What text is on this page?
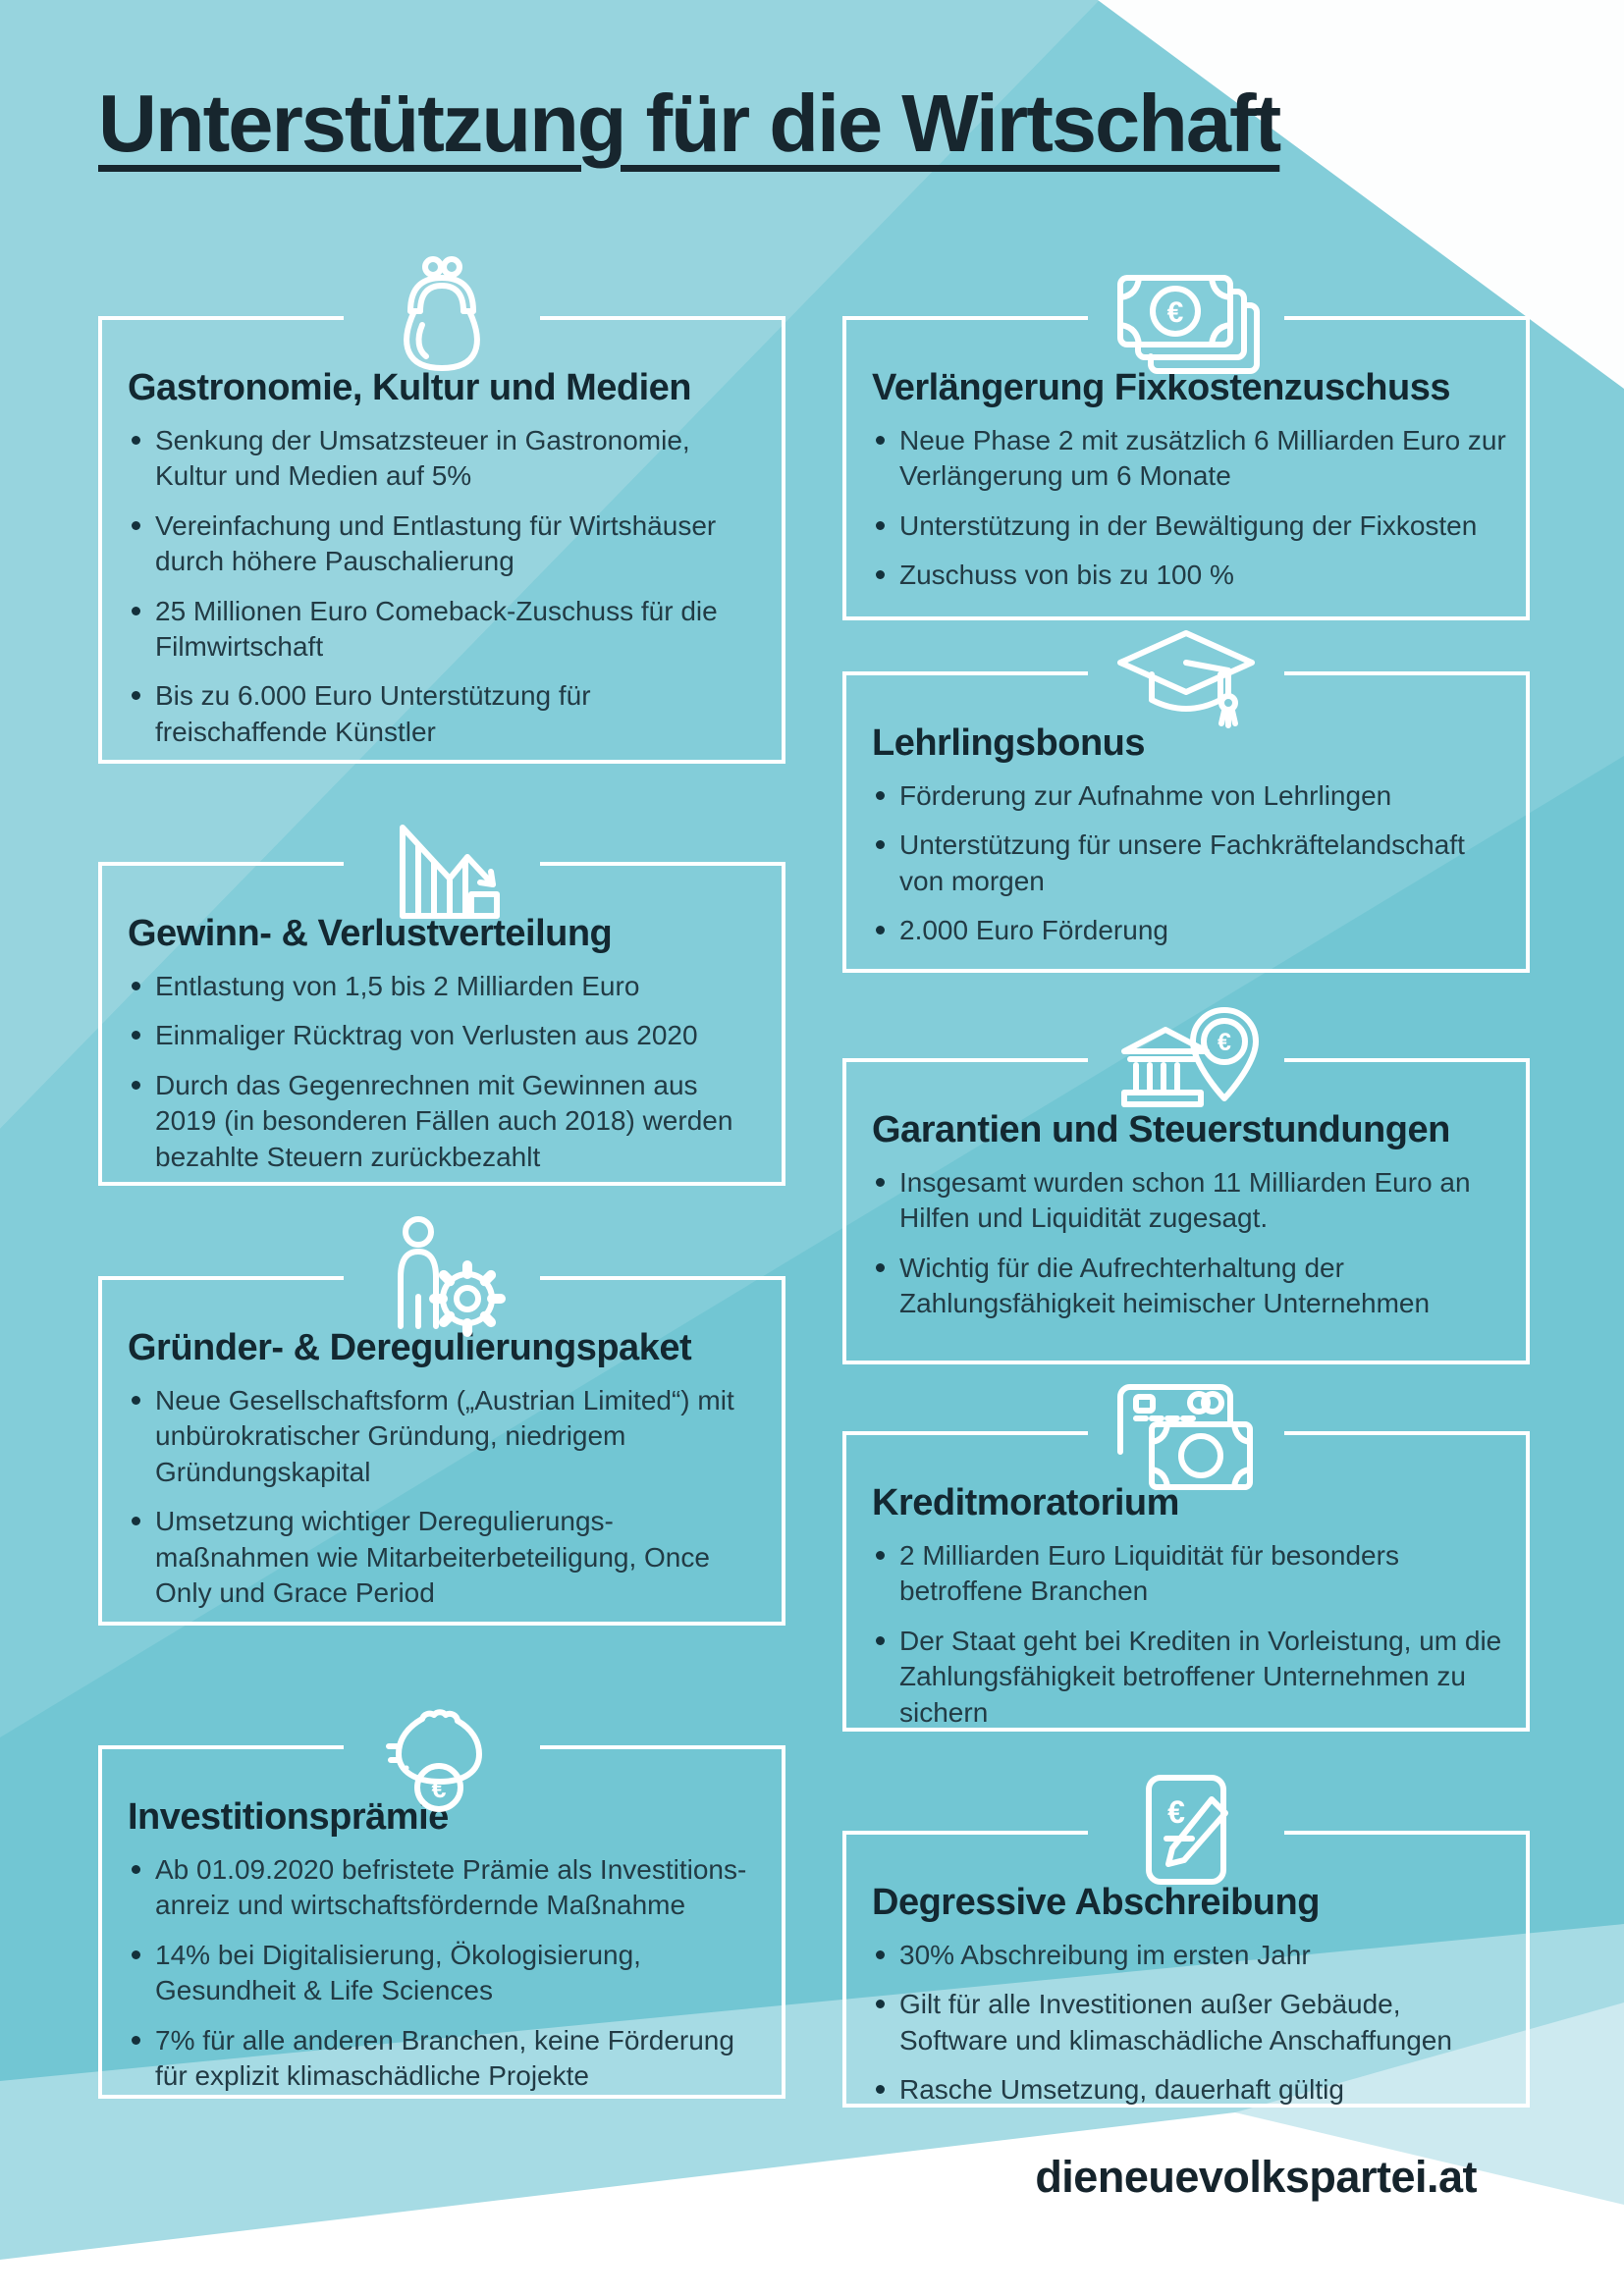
Unterstützung für die Wirtschaft
Gastronomie, Kultur und Medien
Senkung der Umsatzsteuer in Gastronomie, Kultur und Medien auf 5%
Vereinfachung und Entlastung für Wirtshäuser durch höhere Pauschalierung
25 Millionen Euro Comeback-Zuschuss für die Filmwirtschaft
Bis zu 6.000 Euro Unterstützung für freischaffende Künstler
Gewinn- & Verlustverteilung
Entlastung von 1,5 bis 2 Milliarden Euro
Einmaliger Rücktrag von Verlusten aus 2020
Durch das Gegenrechnen mit Gewinnen aus 2019 (in besonderen Fällen auch 2018) werden bezahlte Steuern zurückbezahlt
Gründer- & Deregulierungspaket
Neue Gesellschaftsform („Austrian Limited“) mit unbürokratischer Gründung, niedrigem Gründungskapital
Umsetzung wichtiger Deregulierungs-maßnahmen wie Mitarbeiterbeteiligung, Once Only und Grace Period
€
Investitionsprämie
Ab 01.09.2020 befristete Prämie als Investitions-anreiz und wirtschaftsfördernde Maßnahme
14% bei Digitalisierung, Ökologisierung, Gesundheit & Life Sciences
7% für alle anderen Branchen, keine Förderung für explizit klimaschädliche Projekte
€
Verlängerung Fixkostenzuschuss
Neue Phase 2 mit zusätzlich 6 Milliarden Euro zur Verlängerung um 6 Monate
Unterstützung in der Bewältigung der Fixkosten
Zuschuss von bis zu 100 %
Lehrlingsbonus
Förderung zur Aufnahme von Lehrlingen
Unterstützung für unsere Fachkräftelandschaft von morgen
2.000 Euro Förderung
€
Garantien und Steuerstundungen
Insgesamt wurden schon 11 Milliarden Euro an Hilfen und Liquidität zugesagt.
Wichtig für die Aufrechterhaltung der Zahlungsfähigkeit heimischer Unternehmen
Kreditmoratorium
2 Milliarden Euro Liquidität für besonders betroffene Branchen
Der Staat geht bei Krediten in Vorleistung, um die Zahlungsfähigkeit betroffener Unternehmen zu sichern
€
Degressive Abschreibung
30% Abschreibung im ersten Jahr
Gilt für alle Investitionen außer Gebäude, Software und klimaschädliche Anschaffungen
Rasche Umsetzung, dauerhaft gültig
dieneuevolkspartei.at
